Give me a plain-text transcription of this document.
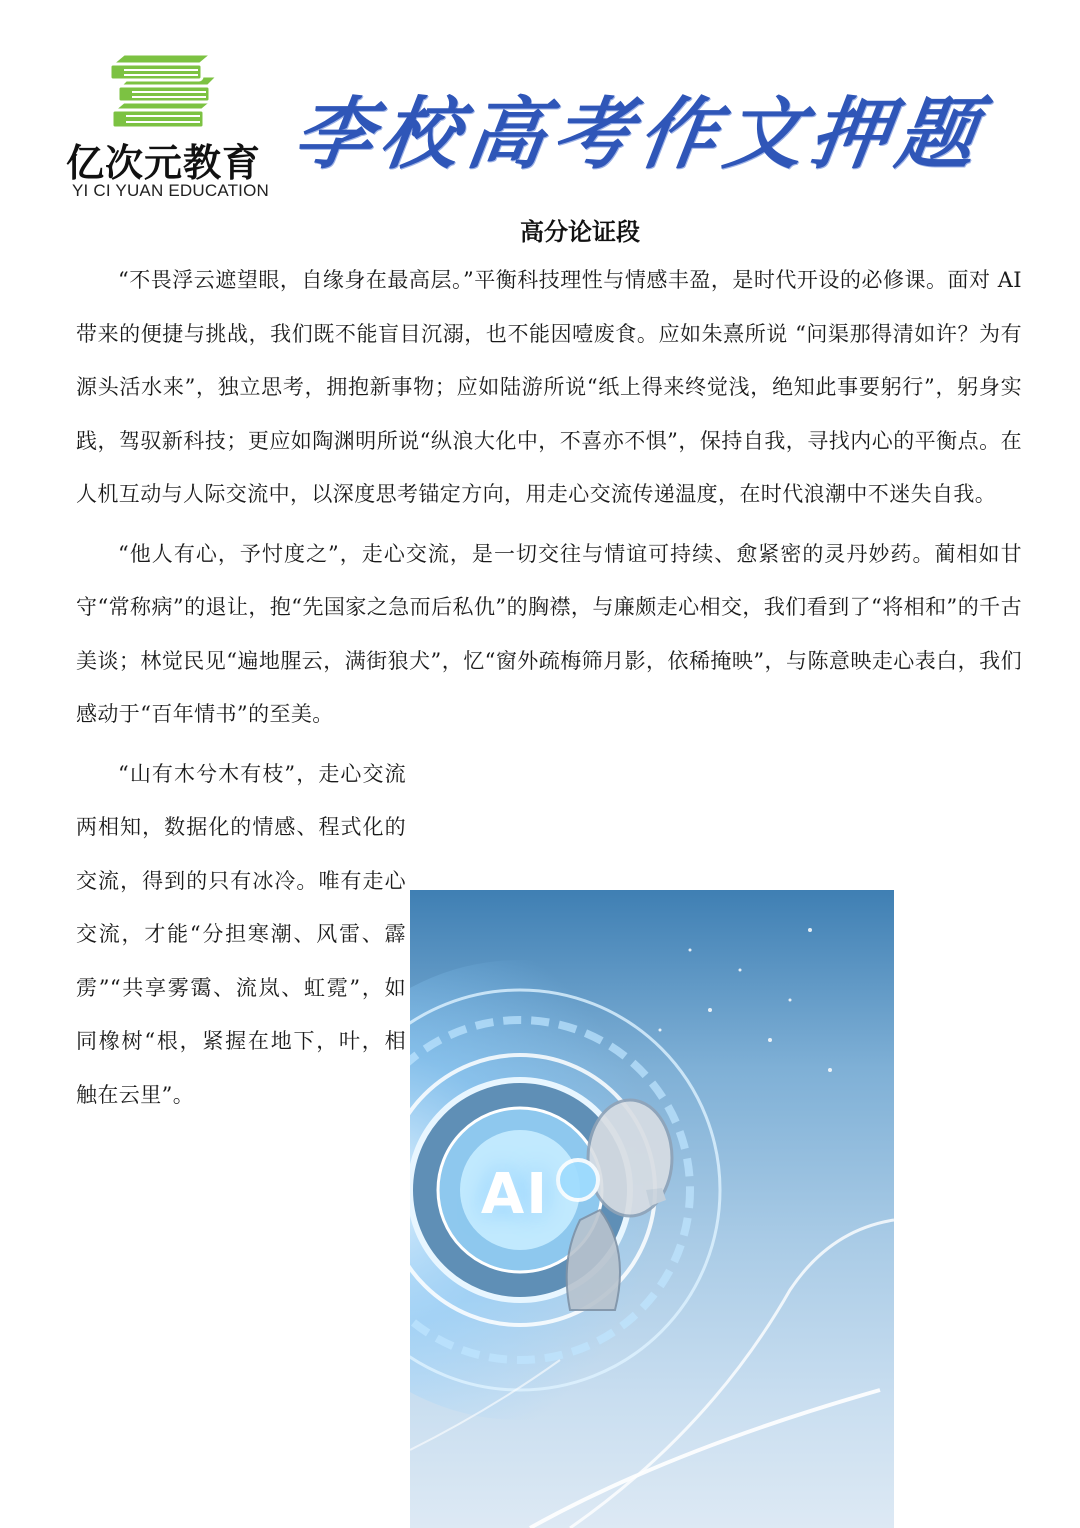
亿次元教育
YI CI YUAN EDUCATION
李校高考作文押题
高分论证段

“不畏浮云遮望眼，自缘身在最高层。”平衡科技理性与情感丰盈，是时代开设的必修课。面对 AI 带来的便捷与挑战，我们既不能盲目沉溺，也不能因噎废食。应如朱熹所说 “问渠那得清如许？为有源头活水来”，独立思考，拥抱新事物；应如陆游所说“纸上得来终觉浅，绝知此事要躬行”，躬身实践，驾驭新科技；更应如陶渊明所说“纵浪大化中，不喜亦不惧”，保持自我，寻找内心的平衡点。在人机互动与人际交流中，以深度思考锚定方向，用走心交流传递温度，在时代浪潮中不迷失自我。

“他人有心，予忖度之”，走心交流，是一切交往与情谊可持续、愈紧密的灵丹妙药。蔺相如甘守“常称病”的退让，抱“先国家之急而后私仇”的胸襟，与廉颇走心相交，我们看到了“将相和”的千古美谈；林觉民见“遍地腥云，满街狼犬”，忆“窗外疏梅筛月影，依稀掩映”，与陈意映走心表白，我们感动于“百年情书”的至美。

“山有木兮木有枝”，走心交流两相知，数据化的情感、程式化的交流，得到的只有冰冷。唯有走心交流，才能“分担寒潮、风雷、霹雳”“共享雾霭、流岚、虹霓”，如同橡树“根，紧握在地下，叶，相触在云里”。

AI
